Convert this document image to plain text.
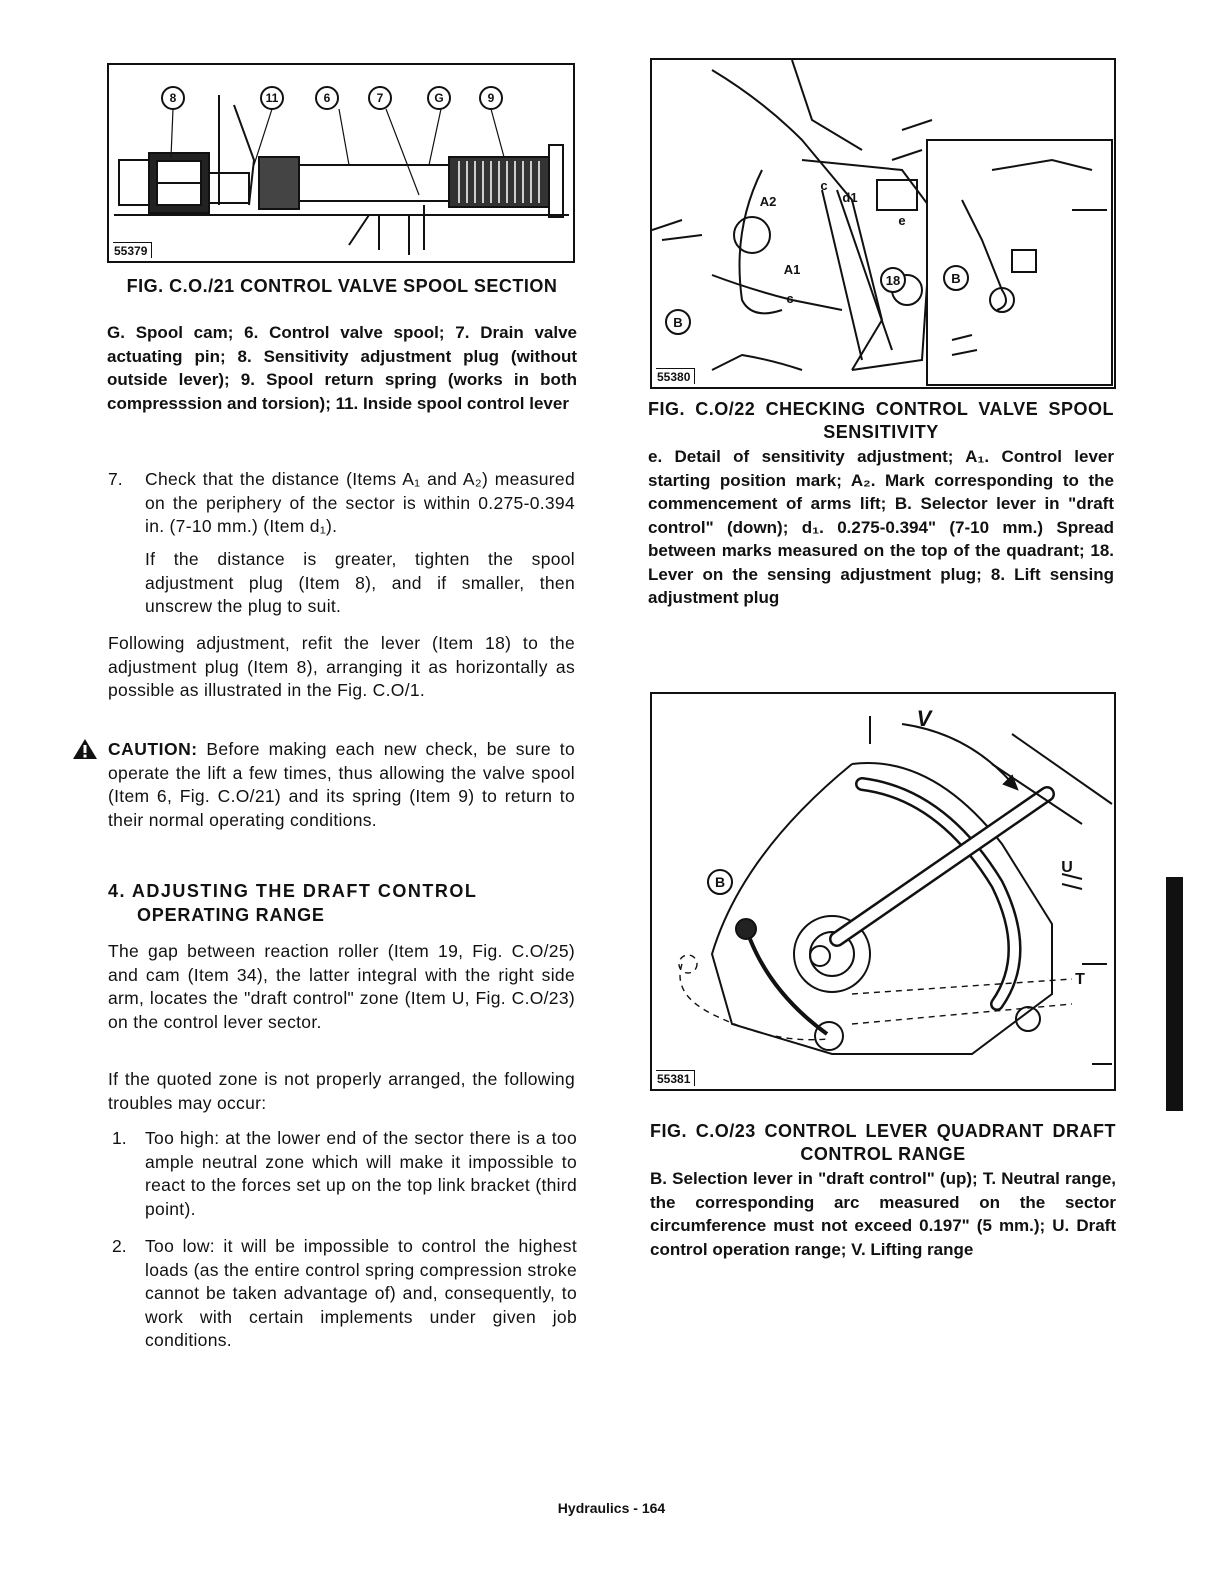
8	11	6	7	G	9
55379
FIG. C.O./21 CONTROL VALVE SPOOL SECTION
G. Spool cam; 6. Control valve spool; 7. Drain valve actuating pin; 8. Sensitivity adjustment plug (without outside lever); 9. Spool return spring (works in both compresssion and torsion); 11. Inside spool control lever
7. Check that the distance (Items A₁ and A₂) measured on the periphery of the sector is within 0.275-0.394 in. (7-10 mm.) (Item d₁).
If the distance is greater, tighten the spool adjustment plug (Item 8), and if smaller, then unscrew the plug to suit.
Following adjustment, refit the lever (Item 18) to the adjustment plug (Item 8), arranging it as horizontally as possible as illustrated in the Fig. C.O/1.
CAUTION: Before making each new check, be sure to operate the lift a few times, thus allowing the valve spool (Item 6, Fig. C.O/21) and its spring (Item 9) to return to their normal operating conditions.
4. ADJUSTING THE DRAFT CONTROL
OPERATING RANGE
The gap between reaction roller (Item 19, Fig. C.O/25) and cam (Item 34), the latter integral with the right side arm, locates the "draft control" zone (Item U, Fig. C.O/23) on the control lever sector.
If the quoted zone is not properly arranged, the following troubles may occur:
1. Too high: at the lower end of the sector there is a too ample neutral zone which will make it impossible to react to the forces set up on the top link bracket (third point).
2. Too low: it will be impossible to control the highest loads (as the entire control spring compression stroke cannot be taken advantage of) and, consequently, to work with certain implements under given job conditions.
B
A2
A1
d1
e
18	B
c
c
55380
FIG. C.O/22 CHECKING CONTROL VALVE SPOOL SENSITIVITY
e. Detail of sensitivity adjustment; A₁. Control lever starting position mark; A₂. Mark corresponding to the commencement of arms lift; B. Selector lever in "draft control" (down); d₁. 0.275-0.394" (7-10 mm.) Spread between marks measured on the top of the quadrant; 18. Lever on the sensing adjustment plug; 8. Lift sensing adjustment plug
V
B
U
T
55381
FIG. C.O/23 CONTROL LEVER QUADRANT DRAFT CONTROL RANGE
B. Selection lever in "draft control" (up); T. Neutral range, the corresponding arc measured on the sector circumference must not exceed 0.197" (5 mm.); U. Draft control operation range; V. Lifting range
Hydraulics - 164
